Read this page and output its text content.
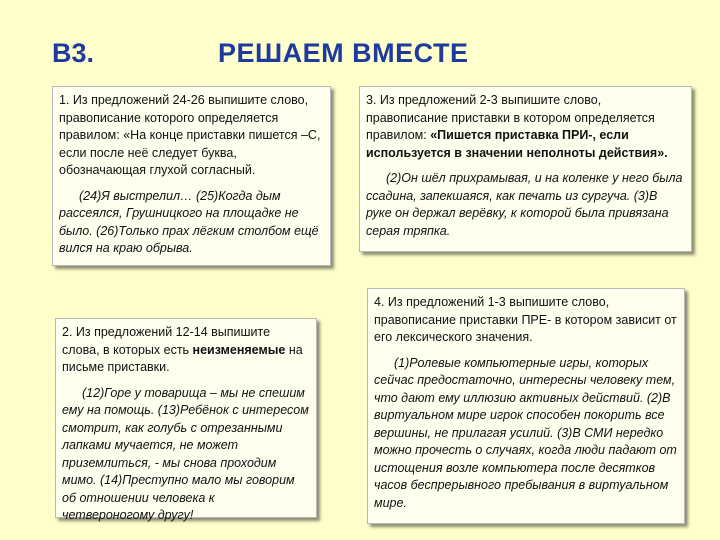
В3.	РЕШАЕМ ВМЕСТЕ

1. Из предложений 24-26 выпишите слово, правописание которого определяется правилом: «На конце приставки пишется –С, если после неё следует буква, обозначающая глухой согласный.

(24)Я выстрелил… (25)Когда дым рассеялся, Грушницкого на площадке не было. (26)Только прах лёгким столбом ещё вился на краю обрыва.

2. Из предложений 12-14 выпишите слова, в которых есть неизменяемые на письме приставки.

(12)Горе у товарища – мы не спешим ему на помощь. (13)Ребёнок с интересом смотрит, как голубь с отрезанными лапками мучается, не может приземлиться, - мы снова проходим мимо. (14)Преступно мало мы говорим об отношении человека к четвероногому другу!

3. Из предложений 2-3 выпишите слово, правописание приставки в котором определяется правилом: «Пишется приставка ПРИ-, если используется в значении неполноты действия».

(2)Он шёл прихрамывая, и на коленке у него была ссадина, запекшаяся, как печать из сургуча. (3)В руке он держал верёвку, к которой была привязана серая тряпка.

4. Из предложений 1-3 выпишите слово, правописание приставки ПРЕ- в котором зависит от его лексического значения.

(1)Ролевые компьютерные игры, которых сейчас предостаточно, интересны человеку тем, что дают ему иллюзию активных действий. (2)В виртуальном мире игрок способен покорить все вершины, не прилагая усилий. (3)В СМИ нередко можно прочесть о случаях, когда люди падают от истощения возле компьютера после десятков часов беспрерывного пребывания в виртуальном мире.
